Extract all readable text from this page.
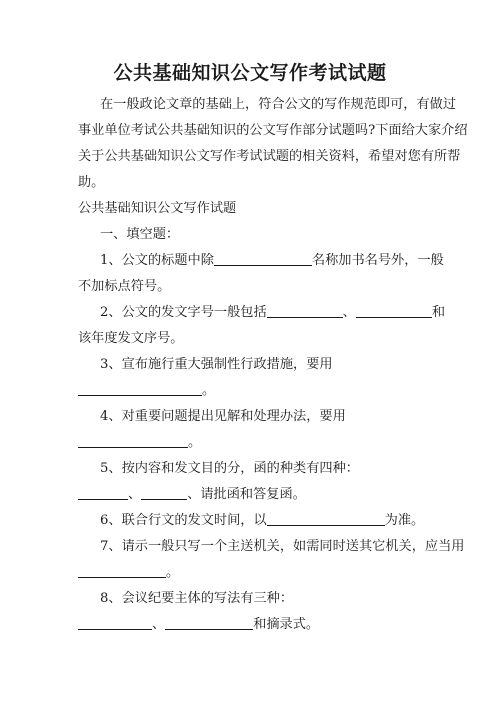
公共基础知识公文写作考试试题
在一般政论文章的基础上，符合公文的写作规范即可，有做过
事业单位考试公共基础知识的公文写作部分试题吗?下面给大家介绍
关于公共基础知识公文写作考试试题的相关资料，希望对您有所帮
助。
公共基础知识公文写作试题
一、填空题：
1、公文的标题中除	名称加书名号外，一般
不加标点符号。
2、公文的发文字号一般包括	、	和
该年度发文序号。
3、宣布施行重大强制性行政措施，要用
。
4、对重要问题提出见解和处理办法，要用
。
5、按内容和发文目的分，函的种类有四种：
、	、请批函和答复函。
6、联合行文的发文时间，以	为准。
7、请示一般只写一个主送机关，如需同时送其它机关，应当用
。
8、会议纪要主体的写法有三种：
、	和摘录式。
